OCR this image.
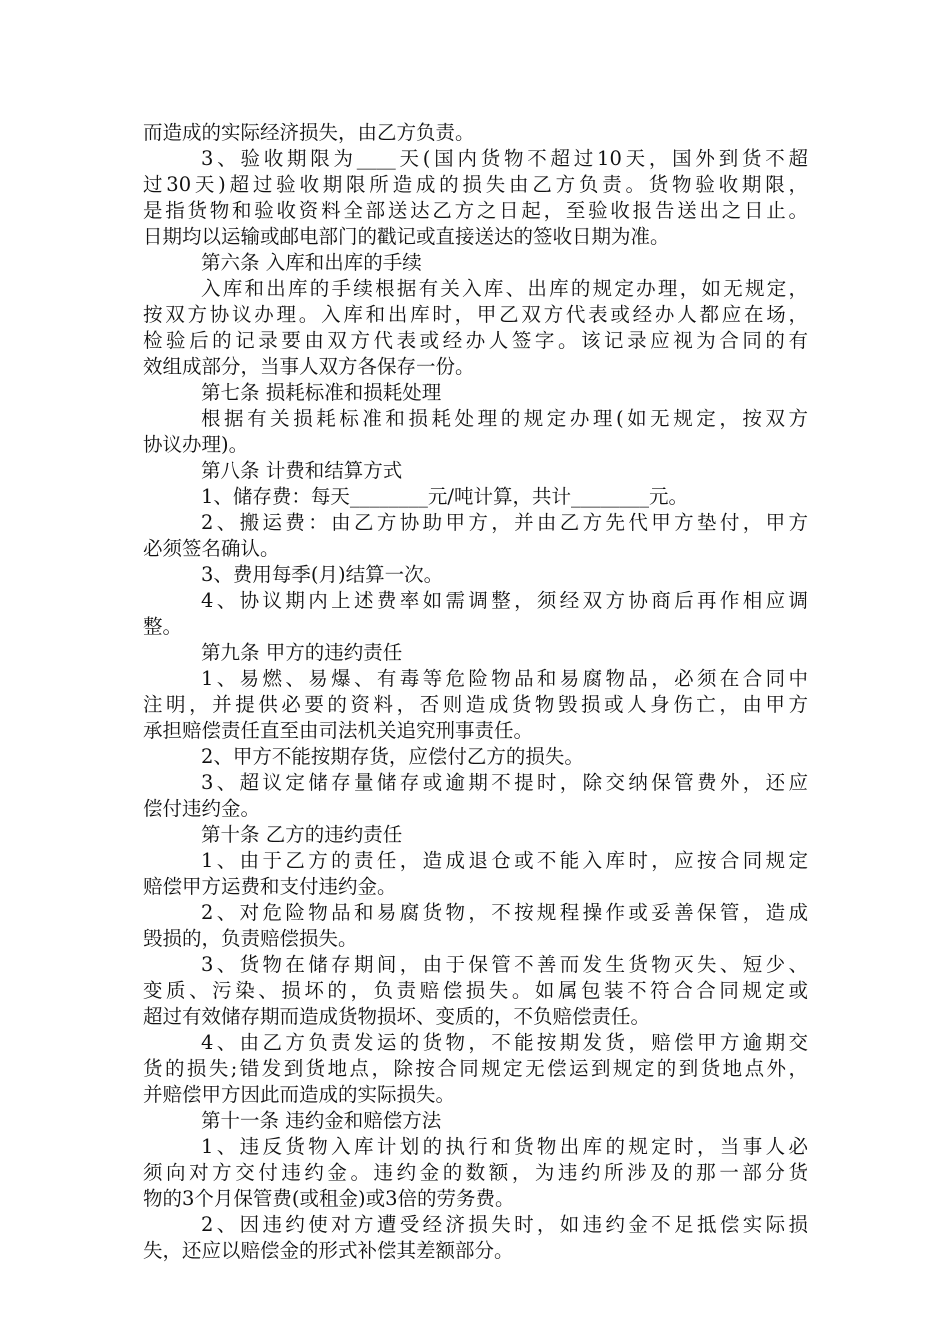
而造成的实际经济损失，由乙方负责。
3、验收期限为____天(国内货物不超过10天，国外到货不超
过30天)超过验收期限所造成的损失由乙方负责。货物验收期限，
是指货物和验收资料全部送达乙方之日起，至验收报告送出之日止。
日期均以运输或邮电部门的戳记或直接送达的签收日期为准。
第六条 入库和出库的手续
入库和出库的手续根据有关入库、出库的规定办理，如无规定，
按双方协议办理。入库和出库时，甲乙双方代表或经办人都应在场，
检验后的记录要由双方代表或经办人签字。该记录应视为合同的有
效组成部分，当事人双方各保存一份。
第七条 损耗标准和损耗处理
根据有关损耗标准和损耗处理的规定办理(如无规定，按双方
协议办理)。
第八条 计费和结算方式
1、储存费：每天________元/吨计算，共计________元。
2、搬运费：由乙方协助甲方，并由乙方先代甲方垫付，甲方
必须签名确认。
3、费用每季(月)结算一次。
4、协议期内上述费率如需调整，须经双方协商后再作相应调
整。
第九条 甲方的违约责任
1、易燃、易爆、有毒等危险物品和易腐物品，必须在合同中
注明，并提供必要的资料，否则造成货物毁损或人身伤亡，由甲方
承担赔偿责任直至由司法机关追究刑事责任。
2、甲方不能按期存货，应偿付乙方的损失。
3、超议定储存量储存或逾期不提时，除交纳保管费外，还应
偿付违约金。
第十条 乙方的违约责任
1、由于乙方的责任，造成退仓或不能入库时，应按合同规定
赔偿甲方运费和支付违约金。
2、对危险物品和易腐货物，不按规程操作或妥善保管，造成
毁损的，负责赔偿损失。
3、货物在储存期间，由于保管不善而发生货物灭失、短少、
变质、污染、损坏的，负责赔偿损失。如属包装不符合合同规定或
超过有效储存期而造成货物损坏、变质的，不负赔偿责任。
4、由乙方负责发运的货物，不能按期发货，赔偿甲方逾期交
货的损失;错发到货地点，除按合同规定无偿运到规定的到货地点外，
并赔偿甲方因此而造成的实际损失。
第十一条 违约金和赔偿方法
1、违反货物入库计划的执行和货物出库的规定时，当事人必
须向对方交付违约金。违约金的数额，为违约所涉及的那一部分货
物的3个月保管费(或租金)或3倍的劳务费。
2、因违约使对方遭受经济损失时，如违约金不足抵偿实际损
失，还应以赔偿金的形式补偿其差额部分。
